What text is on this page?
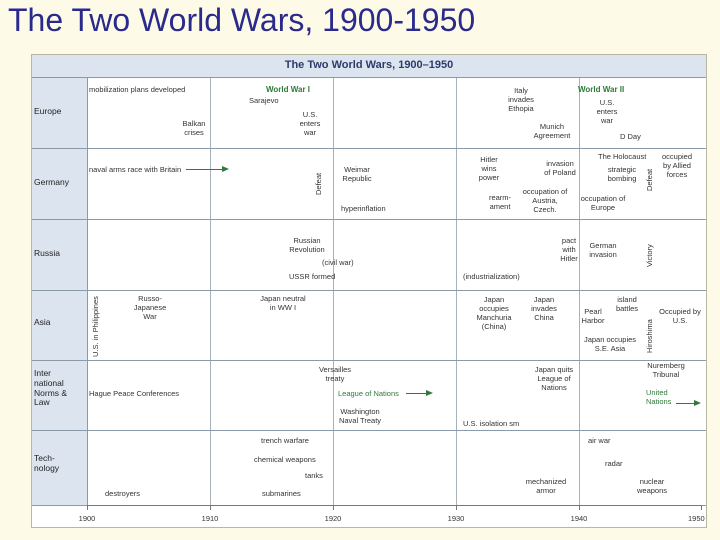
The Two World Wars, 1900-1950
The Two World Wars, 1900–1950
Europe
Germany
Russia
Asia
Inter national Norms & Law
Tech- nology
World War I	World War II
mobilization plans developed
Sarajevo
Balkan crises
U.S. enters war
Italy invades Ethopia
Munich Agreement
U.S. enters war
D Day
naval arms race with Britain
Defeat
Weimar Republic
hyperinflation
Hitler wins power
invasion of Poland
rearm- ament
occupation of Austria, Czech.
The Holocaust
strategic bombing
occupation of Europe
Defeat
occupied by Allied forces
Russian Revolution
(civil war)
USSR formed	(industrialization)
pact with Hitler
German invasion	Victory
U.S. in Philippines	Russo- Japanese War
Japan neutral in WW I
Japan occupies Manchuria (China)
Japan invades China
Pearl Harbor
island battles
Hiroshima
Occupied by U.S.
Japan occupies S.E. Asia
Hague Peace Conferences
Versailles treaty
League of Nations
Washington Naval Treaty	U.S. isolation sm
Japan quits League of Nations
Nuremberg Tribunal
United Nations
trench warfare
chemical weapons
tanks
destroyers	submarines
air war
radar
mechanized armor
nuclear weapons
1900	1910	1920	1930	1940	1950
